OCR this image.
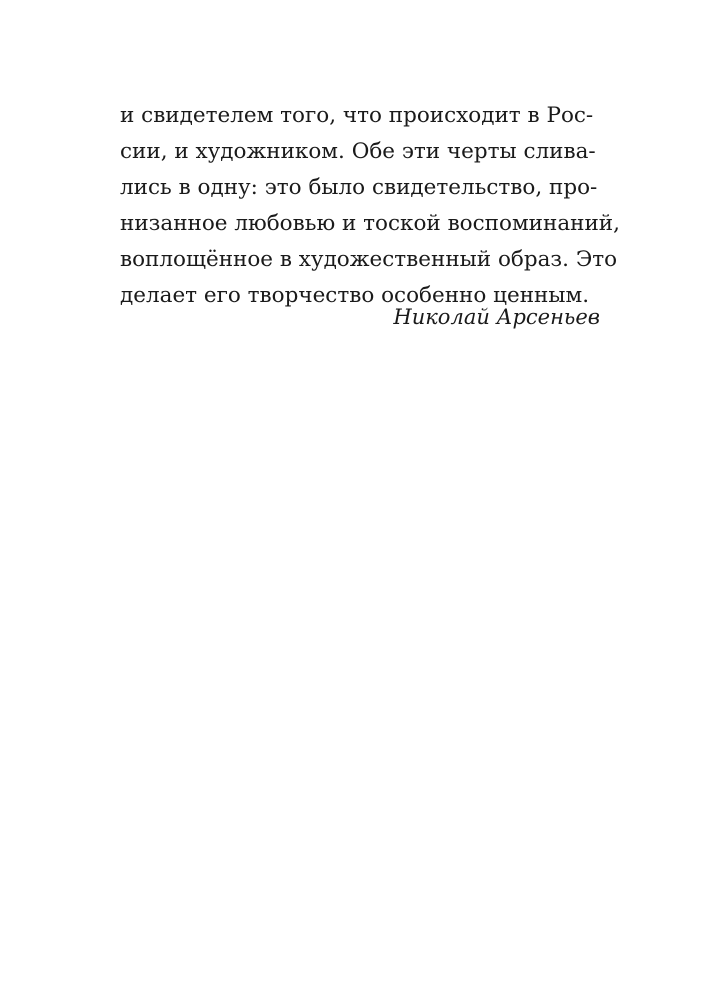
и свидетелем того, что происходит в Рос-
сии, и художником. Обе эти черты слива-
лись в одну: это было свидетельство, про-
низанное любовью и тоской воспоминаний,
воплощённое в художественный образ. Это
делает его творчество особенно ценным.
Николай Арсеньев
